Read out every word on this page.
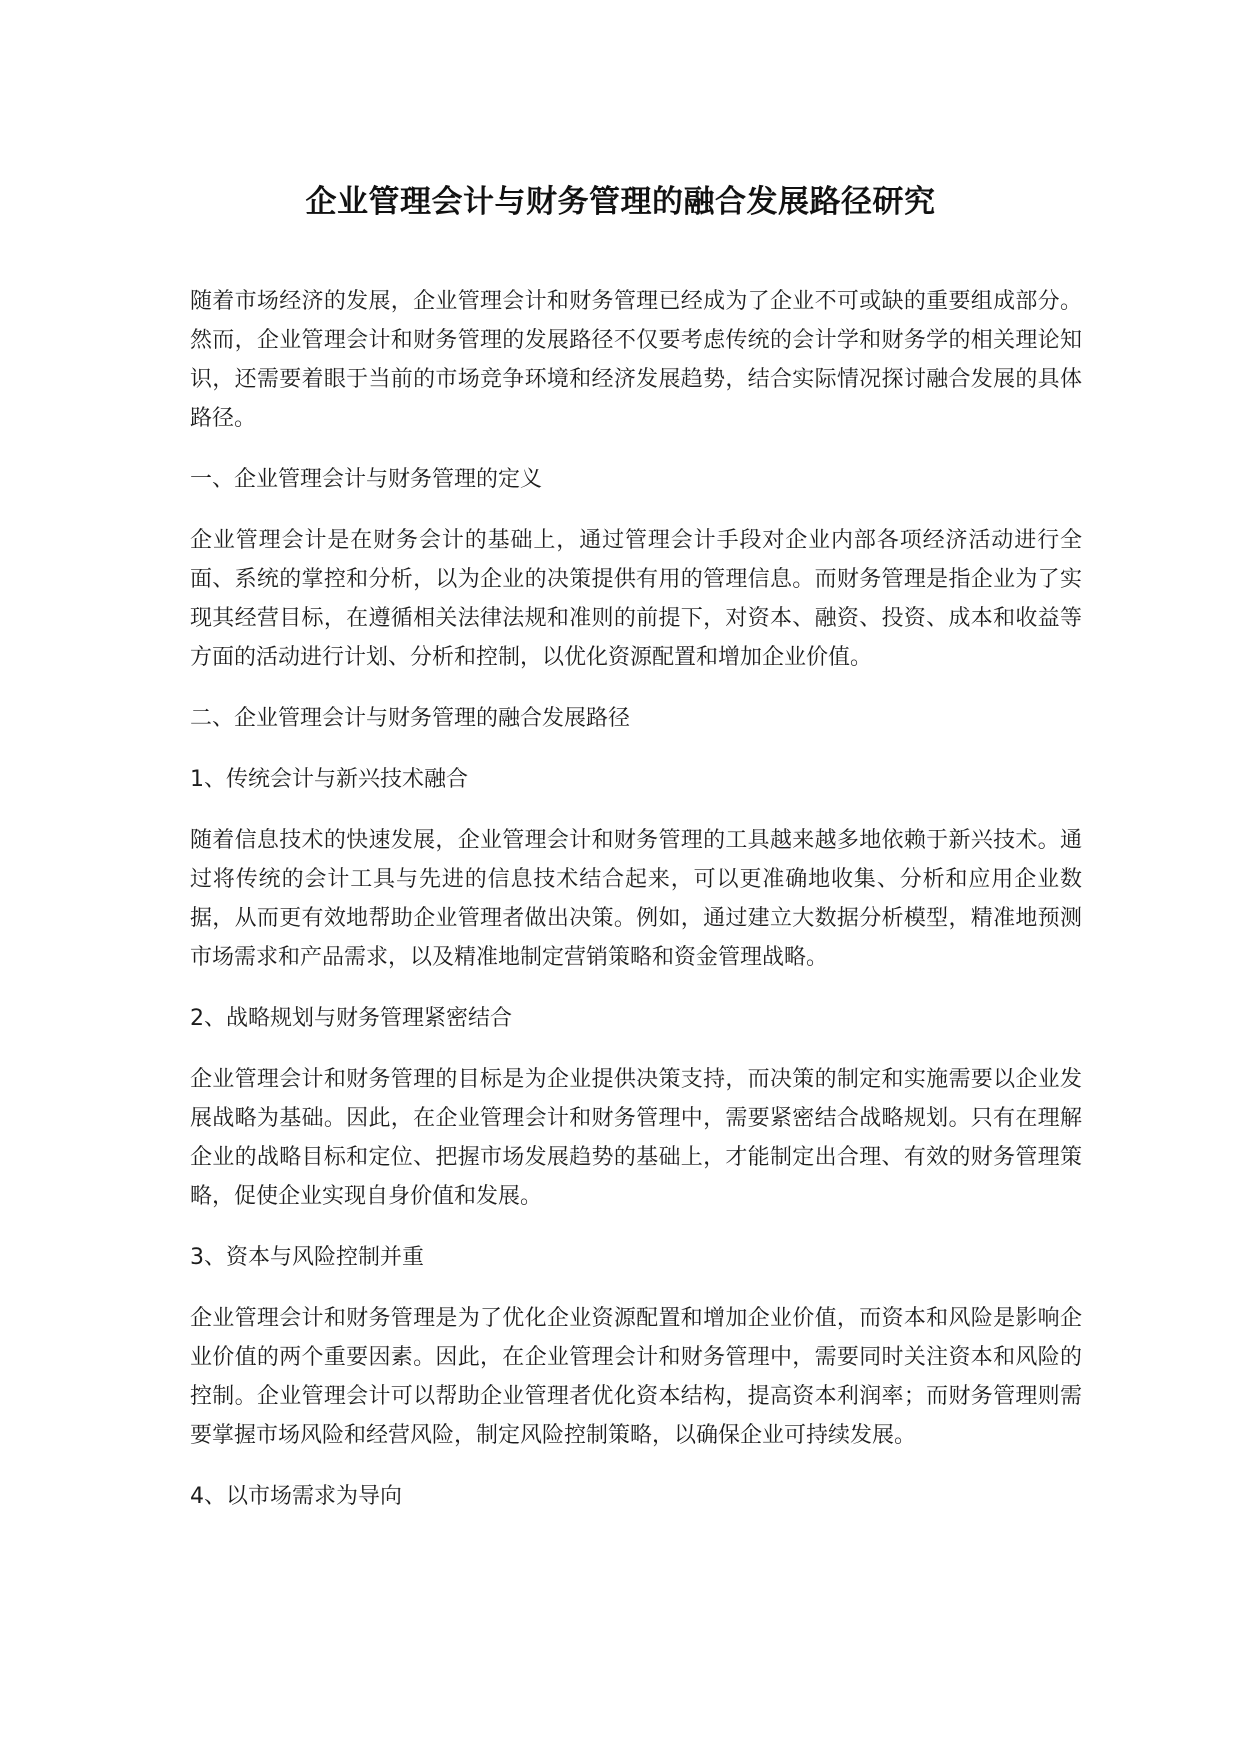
企业管理会计与财务管理的融合发展路径研究

随着市场经济的发展，企业管理会计和财务管理已经成为了企业不可或缺的重要组成部分。然而，企业管理会计和财务管理的发展路径不仅要考虑传统的会计学和财务学的相关理论知识，还需要着眼于当前的市场竞争环境和经济发展趋势，结合实际情况探讨融合发展的具体路径。

一、企业管理会计与财务管理的定义

企业管理会计是在财务会计的基础上，通过管理会计手段对企业内部各项经济活动进行全面、系统的掌控和分析，以为企业的决策提供有用的管理信息。而财务管理是指企业为了实现其经营目标，在遵循相关法律法规和准则的前提下，对资本、融资、投资、成本和收益等方面的活动进行计划、分析和控制，以优化资源配置和增加企业价值。

二、企业管理会计与财务管理的融合发展路径
1、传统会计与新兴技术融合

随着信息技术的快速发展，企业管理会计和财务管理的工具越来越多地依赖于新兴技术。通过将传统的会计工具与先进的信息技术结合起来，可以更准确地收集、分析和应用企业数据，从而更有效地帮助企业管理者做出决策。例如，通过建立大数据分析模型，精准地预测市场需求和产品需求，以及精准地制定营销策略和资金管理战略。

2、战略规划与财务管理紧密结合

企业管理会计和财务管理的目标是为企业提供决策支持，而决策的制定和实施需要以企业发展战略为基础。因此，在企业管理会计和财务管理中，需要紧密结合战略规划。只有在理解企业的战略目标和定位、把握市场发展趋势的基础上，才能制定出合理、有效的财务管理策略，促使企业实现自身价值和发展。

3、资本与风险控制并重

企业管理会计和财务管理是为了优化企业资源配置和增加企业价值，而资本和风险是影响企业价值的两个重要因素。因此，在企业管理会计和财务管理中，需要同时关注资本和风险的控制。企业管理会计可以帮助企业管理者优化资本结构，提高资本利润率；而财务管理则需要掌握市场风险和经营风险，制定风险控制策略，以确保企业可持续发展。

4、以市场需求为导向
